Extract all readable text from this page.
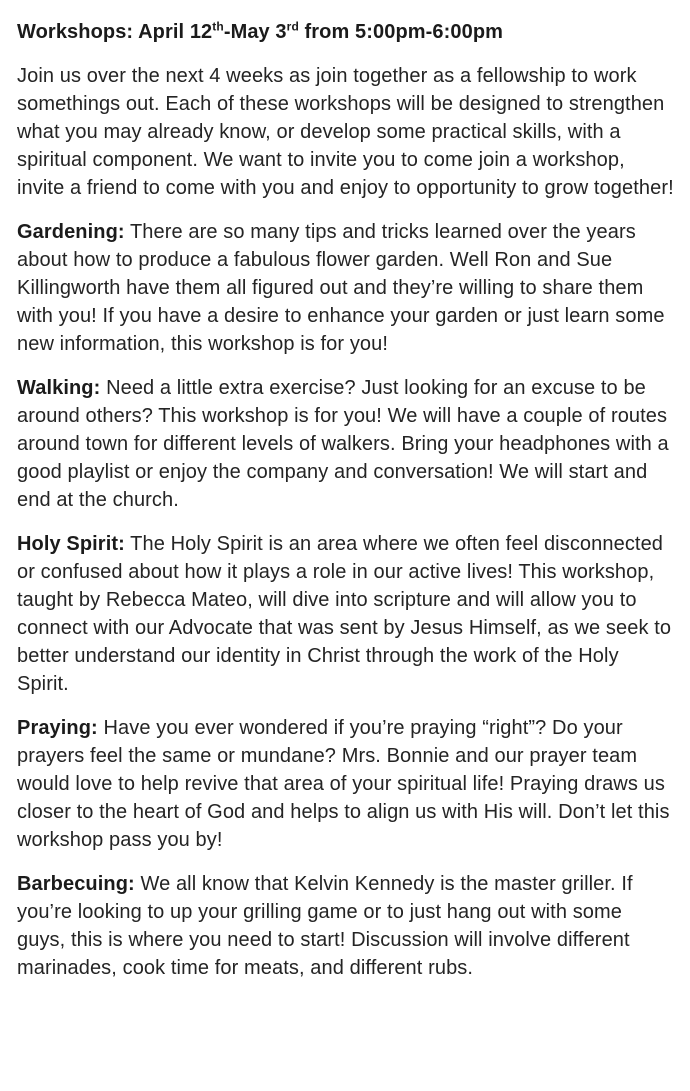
Workshops: April 12th-May 3rd from 5:00pm-6:00pm

Join us over the next 4 weeks as join together as a fellowship to work somethings out. Each of these workshops will be designed to strengthen what you may already know, or develop some practical skills, with a spiritual component. We want to invite you to come join a workshop, invite a friend to come with you and enjoy to opportunity to grow together!

Gardening: There are so many tips and tricks learned over the years about how to produce a fabulous flower garden. Well Ron and Sue Killingworth have them all figured out and they’re willing to share them with you! If you have a desire to enhance your garden or just learn some new information, this workshop is for you!

Walking: Need a little extra exercise? Just looking for an excuse to be around others? This workshop is for you! We will have a couple of routes around town for different levels of walkers. Bring your headphones with a good playlist or enjoy the company and conversation! We will start and end at the church.

Holy Spirit: The Holy Spirit is an area where we often feel disconnected or confused about how it plays a role in our active lives! This workshop, taught by Rebecca Mateo, will dive into scripture and will allow you to connect with our Advocate that was sent by Jesus Himself, as we seek to better understand our identity in Christ through the work of the Holy Spirit.

Praying: Have you ever wondered if you’re praying “right”? Do your prayers feel the same or mundane? Mrs. Bonnie and our prayer team would love to help revive that area of your spiritual life! Praying draws us closer to the heart of God and helps to align us with His will. Don’t let this workshop pass you by!

Barbecuing: We all know that Kelvin Kennedy is the master griller. If you’re looking to up your grilling game or to just hang out with some guys, this is where you need to start! Discussion will involve different marinades, cook time for meats, and different rubs.
